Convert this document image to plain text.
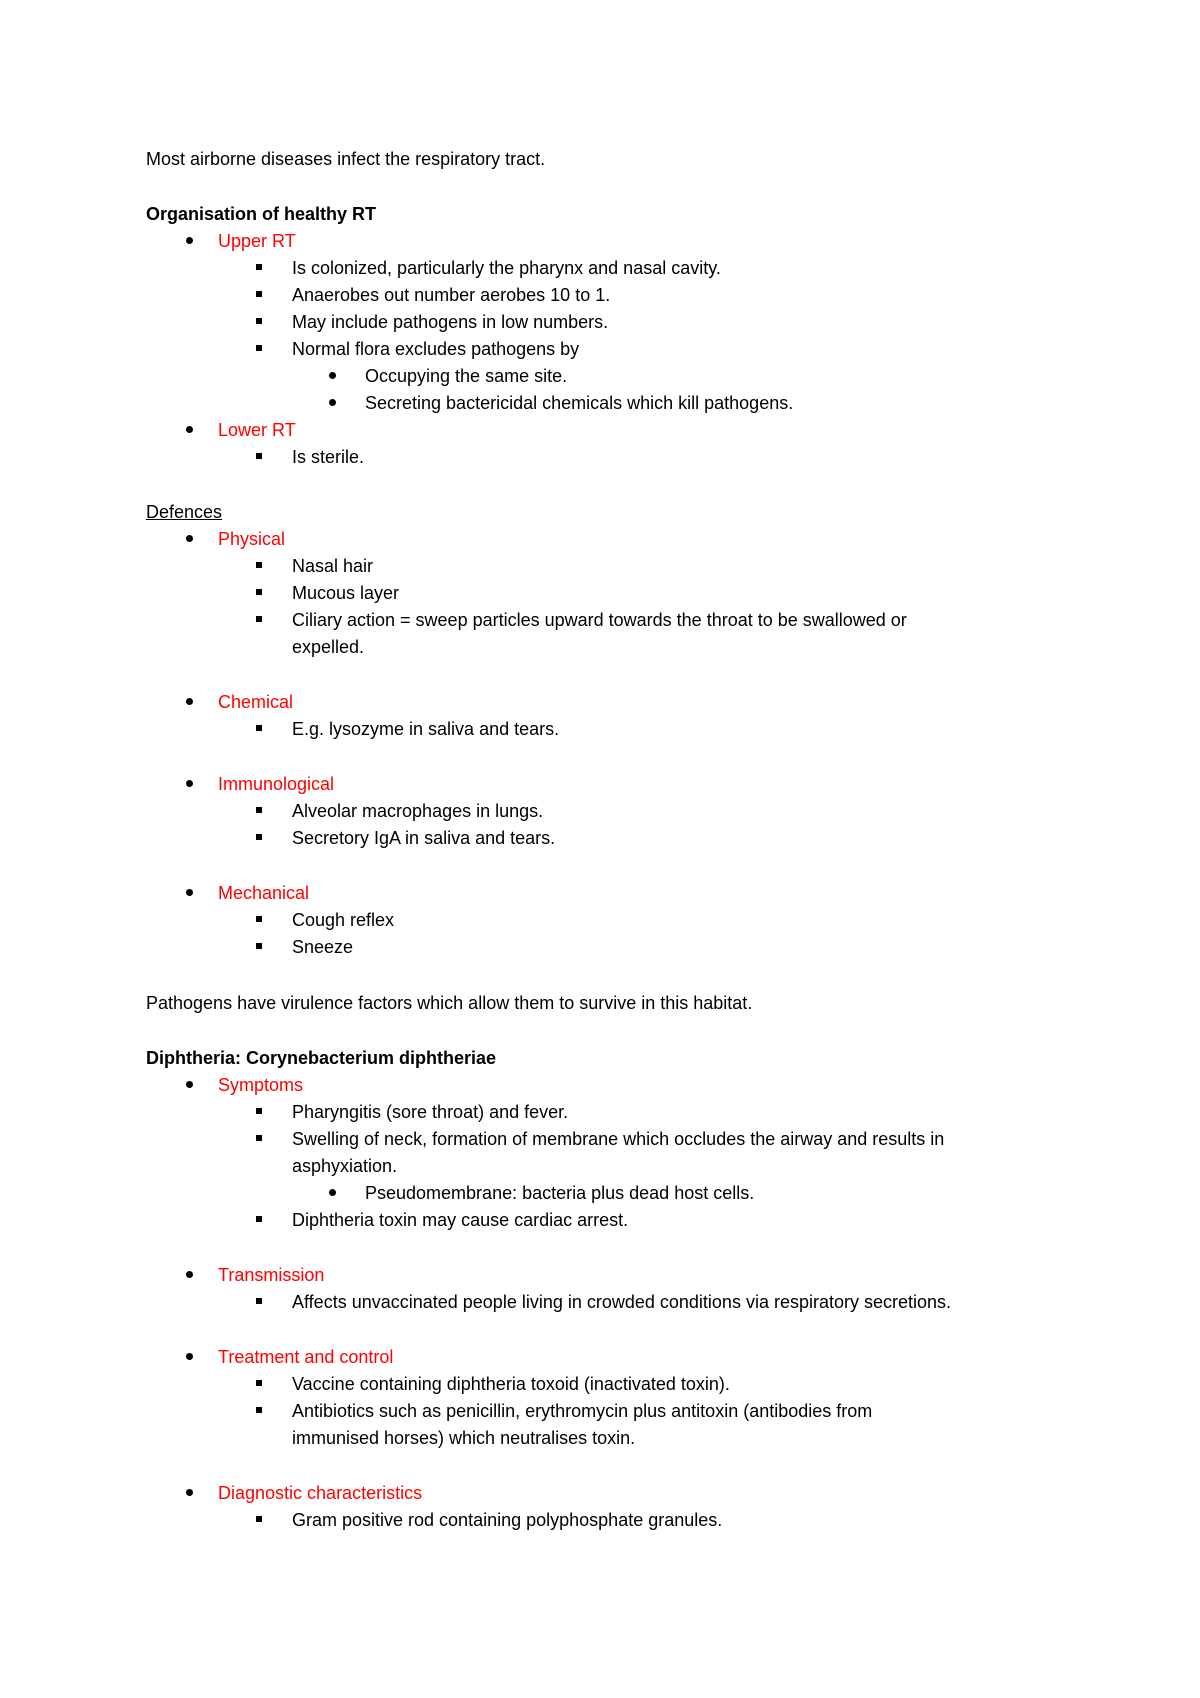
Most airborne diseases infect the respiratory tract.
Organisation of healthy RT
Upper RT
Is colonized, particularly the pharynx and nasal cavity.
Anaerobes out number aerobes 10 to 1.
May include pathogens in low numbers.
Normal flora excludes pathogens by
Occupying the same site.
Secreting bactericidal chemicals which kill pathogens.
Lower RT
Is sterile.
Defences
Physical
Nasal hair
Mucous layer
Ciliary action = sweep particles upward towards the throat to be swallowed or
expelled.
Chemical
E.g. lysozyme in saliva and tears.
Immunological
Alveolar macrophages in lungs.
Secretory IgA in saliva and tears.
Mechanical
Cough reflex
Sneeze
Pathogens have virulence factors which allow them to survive in this habitat.
Diphtheria: Corynebacterium diphtheriae
Symptoms
Pharyngitis (sore throat) and fever.
Swelling of neck, formation of membrane which occludes the airway and results in
asphyxiation.
Pseudomembrane: bacteria plus dead host cells.
Diphtheria toxin may cause cardiac arrest.
Transmission
Affects unvaccinated people living in crowded conditions via respiratory secretions.
Treatment and control
Vaccine containing diphtheria toxoid (inactivated toxin).
Antibiotics such as penicillin, erythromycin plus antitoxin (antibodies from
immunised horses) which neutralises toxin.
Diagnostic characteristics
Gram positive rod containing polyphosphate granules.
